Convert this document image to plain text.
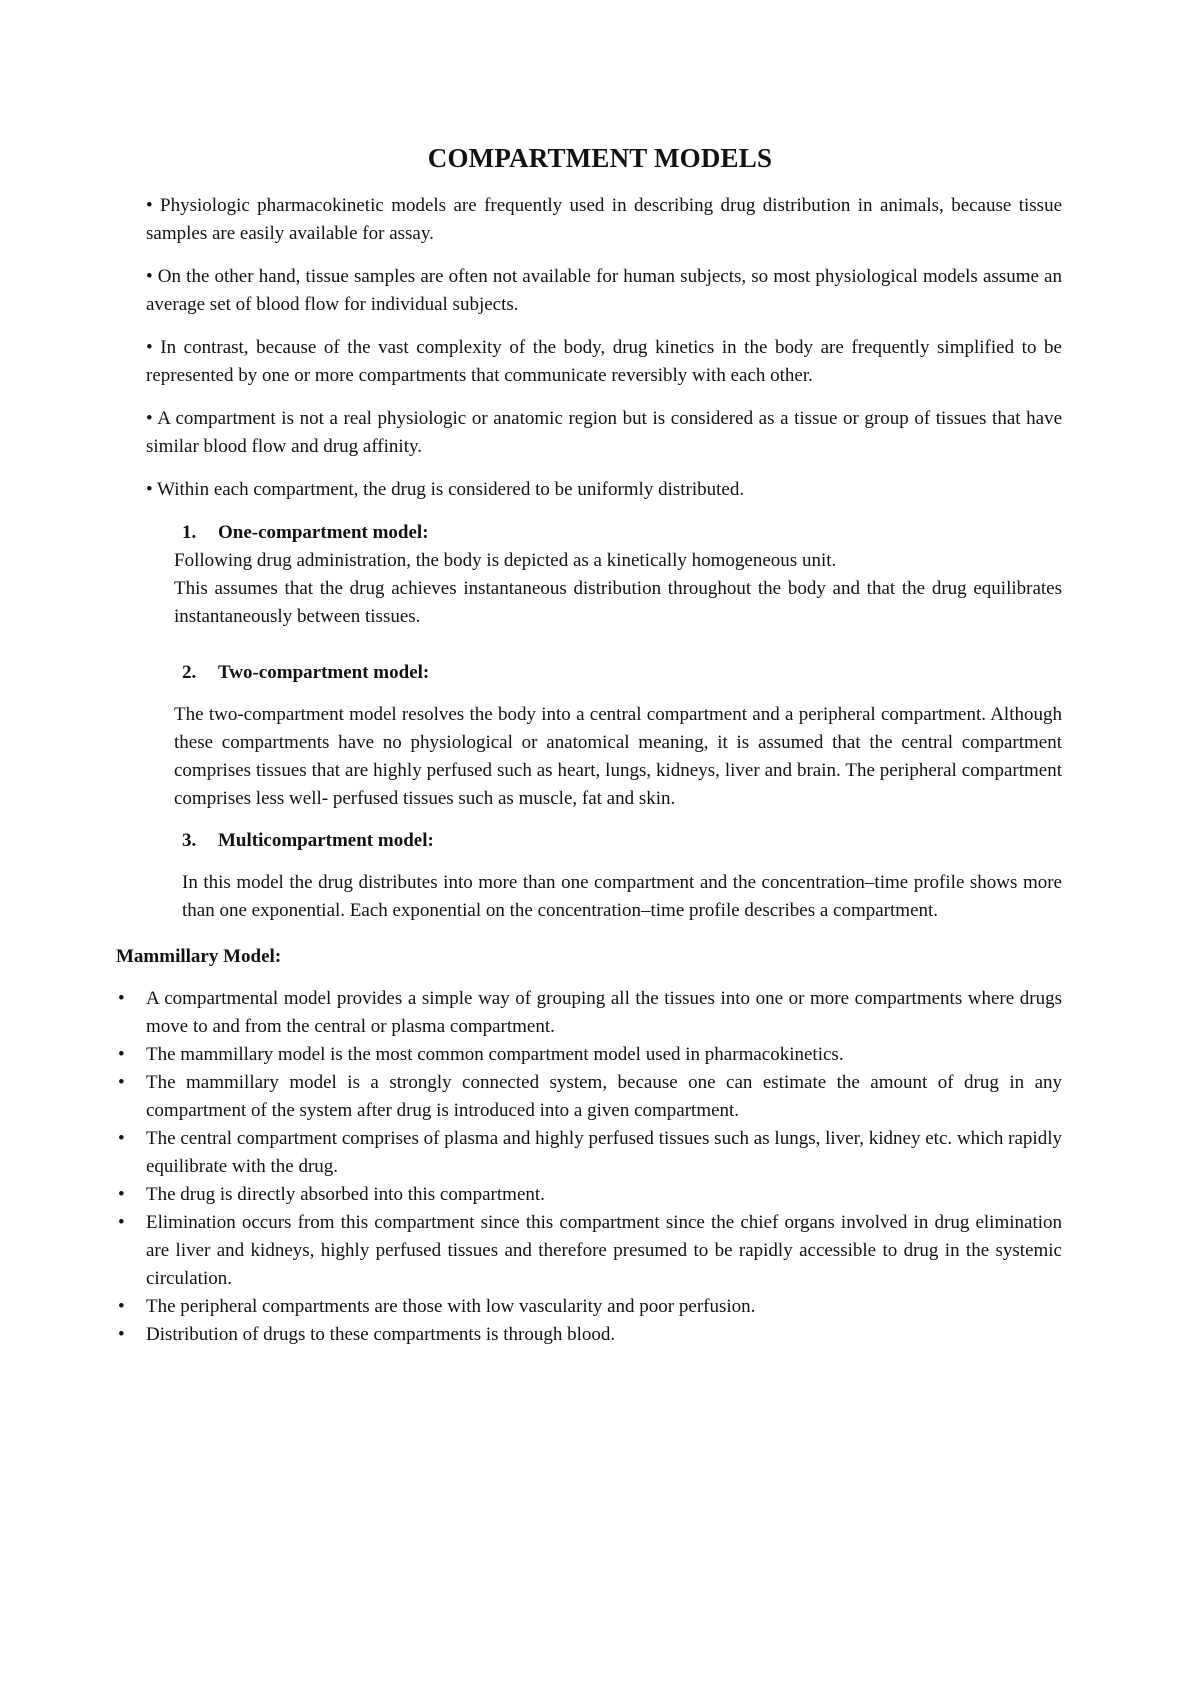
COMPARTMENT MODELS

• Physiologic pharmacokinetic models are frequently used in describing drug distribution in animals, because tissue samples are easily available for assay.

• On the other hand, tissue samples are often not available for human subjects, so most physiological models assume an average set of blood flow for individual subjects.

• In contrast, because of the vast complexity of the body, drug kinetics in the body are frequently simplified to be represented by one or more compartments that communicate reversibly with each other.

• A compartment is not a real physiologic or anatomic region but is considered as a tissue or group of tissues that have similar blood flow and drug affinity.

• Within each compartment, the drug is considered to be uniformly distributed.

1. One-compartment model:

Following drug administration, the body is depicted as a kinetically homogeneous unit.

This assumes that the drug achieves instantaneous distribution throughout the body and that the drug equilibrates instantaneously between tissues.

2. Two-compartment model:

The two-compartment model resolves the body into a central compartment and a peripheral compartment. Although these compartments have no physiological or anatomical meaning, it is assumed that the central compartment comprises tissues that are highly perfused such as heart, lungs, kidneys, liver and brain. The peripheral compartment comprises less well- perfused tissues such as muscle, fat and skin.

3. Multicompartment model:

In this model the drug distributes into more than one compartment and the concentration–time profile shows more than one exponential. Each exponential on the concentration–time profile describes a compartment.

Mammillary Model:
• A compartmental model provides a simple way of grouping all the tissues into one or more compartments where drugs move to and from the central or plasma compartment.
• The mammillary model is the most common compartment model used in pharmacokinetics.
• The mammillary model is a strongly connected system, because one can estimate the amount of drug in any compartment of the system after drug is introduced into a given compartment.
• The central compartment comprises of plasma and highly perfused tissues such as lungs, liver, kidney etc. which rapidly equilibrate with the drug.
• The drug is directly absorbed into this compartment.
• Elimination occurs from this compartment since this compartment since the chief organs involved in drug elimination are liver and kidneys, highly perfused tissues and therefore presumed to be rapidly accessible to drug in the systemic circulation.
• The peripheral compartments are those with low vascularity and poor perfusion.
• Distribution of drugs to these compartments is through blood.
